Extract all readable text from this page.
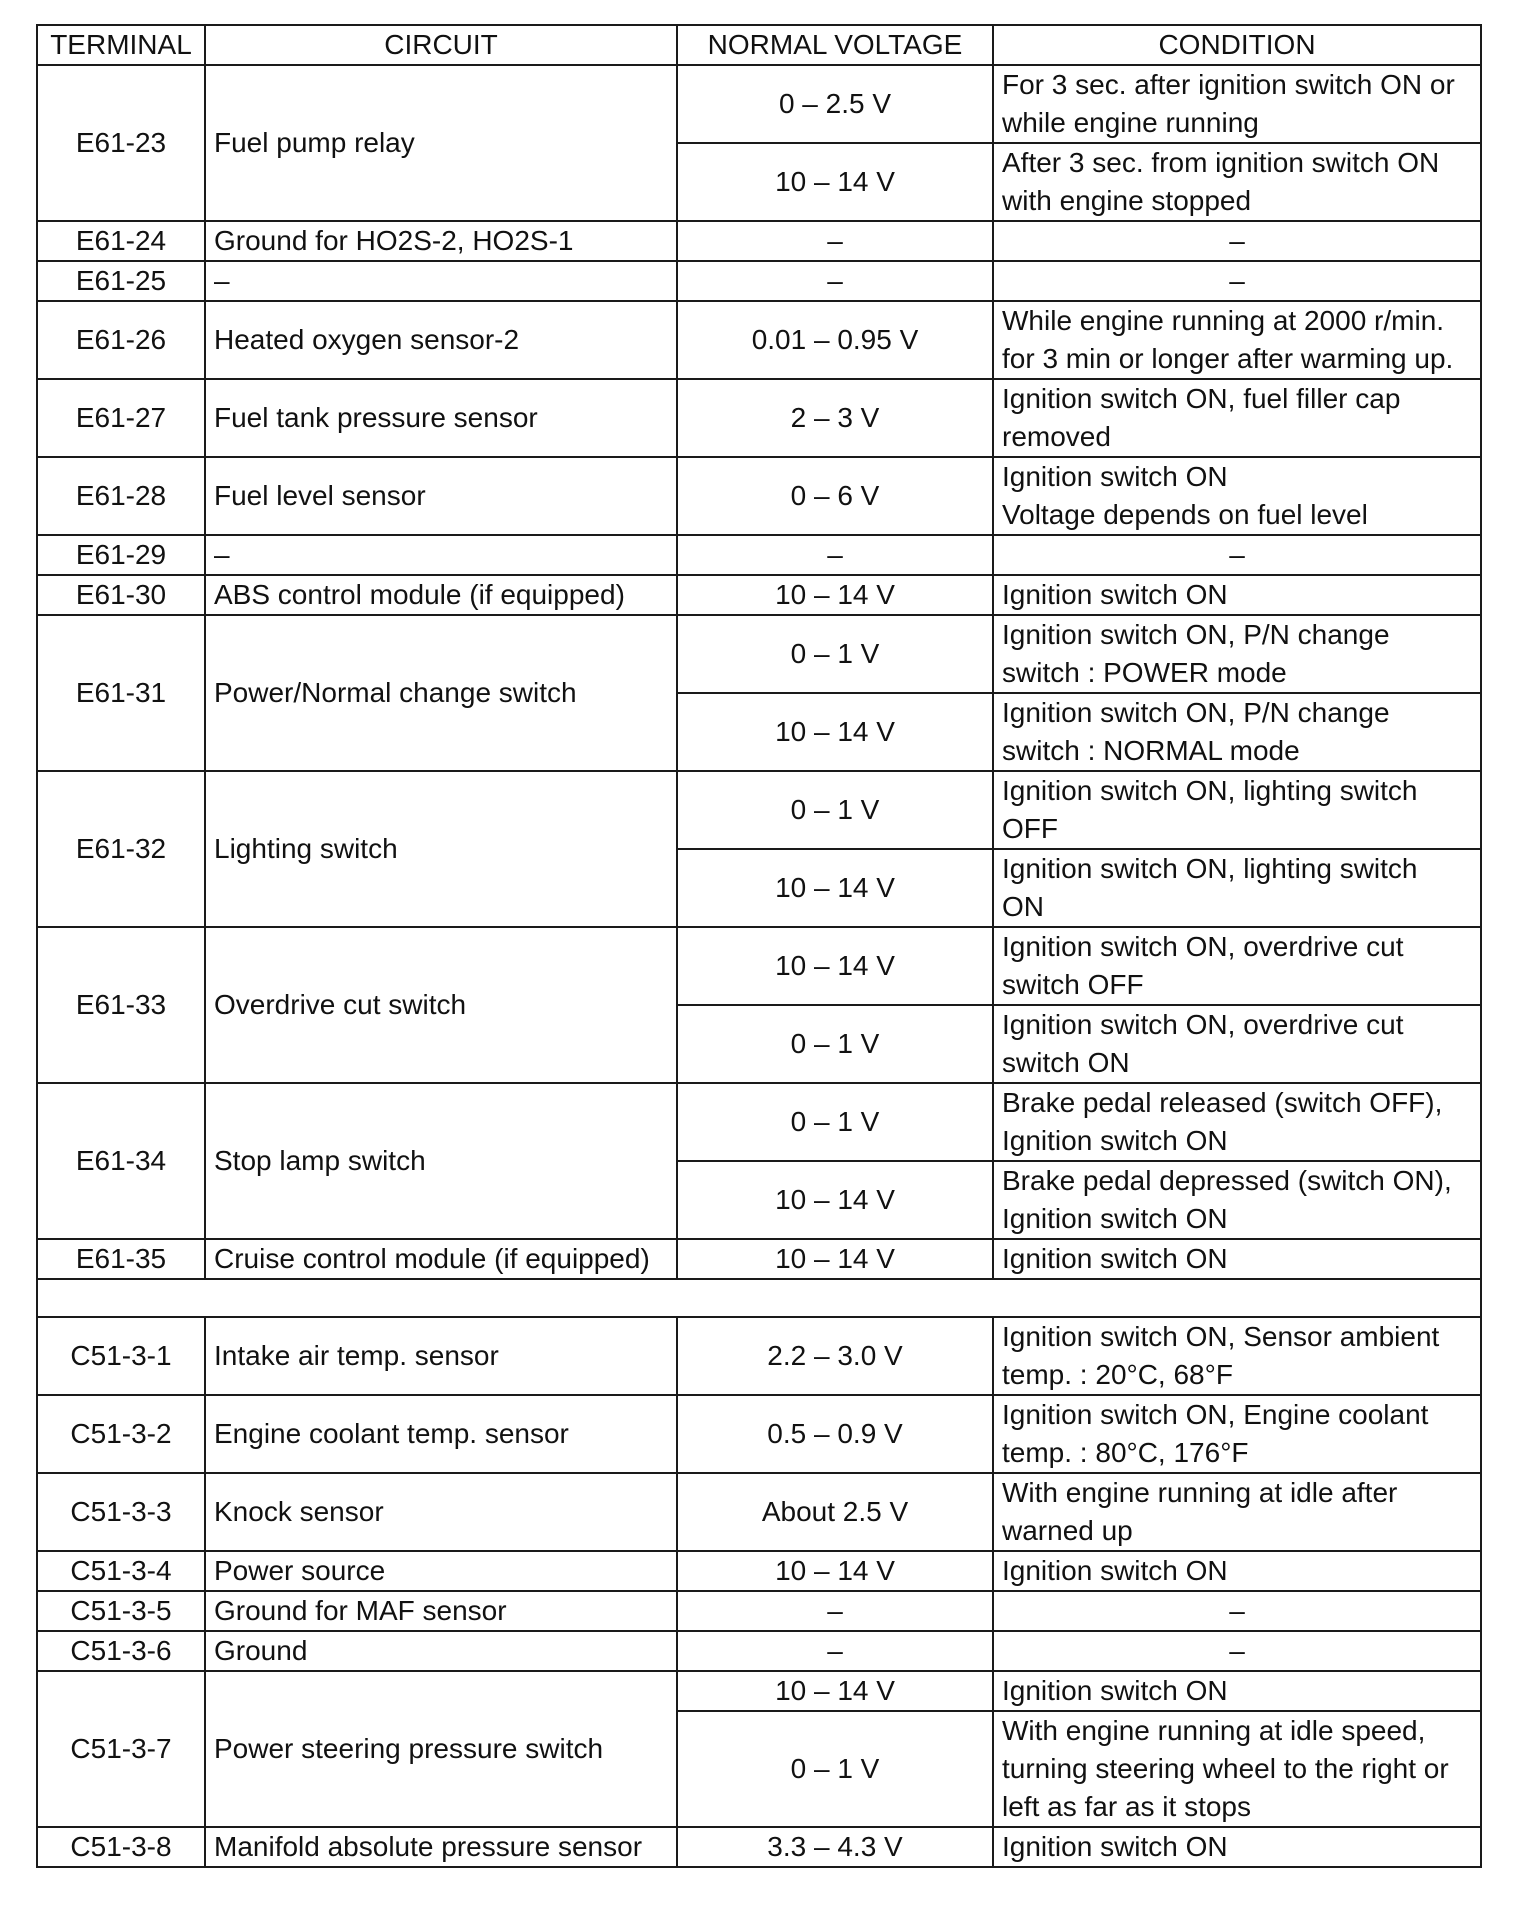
TERMINAL	CIRCUIT	NORMAL VOLTAGE	CONDITION
E61-23	Fuel pump relay	0 – 2.5 V	For 3 sec. after ignition switch ON or
while engine running

		10 – 14 V	After 3 sec. from ignition switch ON
with engine stopped

E61-24	Ground for HO2S-2, HO2S-1	–	–

E61-25	–	–	–

E61-26	Heated oxygen sensor-2	0.01 – 0.95 V	While engine running at 2000 r/min.
for 3 min or longer after warming up.

E61-27	Fuel tank pressure sensor	2 – 3 V	Ignition switch ON, fuel filler cap
removed

E61-28	Fuel level sensor	0 – 6 V	Ignition switch ON
Voltage depends on fuel level

E61-29	–	–	–

E61-30	ABS control module (if equipped)	10 – 14 V	Ignition switch ON

E61-31	Power/Normal change switch	0 – 1 V	Ignition switch ON, P/N change
switch : POWER mode

		10 – 14 V	Ignition switch ON, P/N change
switch : NORMAL mode

E61-32	Lighting switch	0 – 1 V	Ignition switch ON, lighting switch
OFF

		10 – 14 V	Ignition switch ON, lighting switch
ON

E61-33	Overdrive cut switch	10 – 14 V	Ignition switch ON, overdrive cut
switch OFF

		0 – 1 V	Ignition switch ON, overdrive cut
switch ON

E61-34	Stop lamp switch	0 – 1 V	Brake pedal released (switch OFF),
Ignition switch ON

		10 – 14 V	Brake pedal depressed (switch ON),
Ignition switch ON

E61-35	Cruise control module (if equipped)	10 – 14 V	Ignition switch ON

C51-3-1	Intake air temp. sensor	2.2 – 3.0 V	Ignition switch ON, Sensor ambient
temp. : 20°C, 68°F

C51-3-2	Engine coolant temp. sensor	0.5 – 0.9 V	Ignition switch ON, Engine coolant
temp. : 80°C, 176°F

C51-3-3	Knock sensor	About 2.5 V	With engine running at idle after
warned up

C51-3-4	Power source	10 – 14 V	Ignition switch ON

C51-3-5	Ground for MAF sensor	–	–

C51-3-6	Ground	–	–

C51-3-7	Power steering pressure switch	10 – 14 V	Ignition switch ON

		0 – 1 V	With engine running at idle speed,
turning steering wheel to the right or
left as far as it stops

C51-3-8	Manifold absolute pressure sensor	3.3 – 4.3 V	Ignition switch ON
